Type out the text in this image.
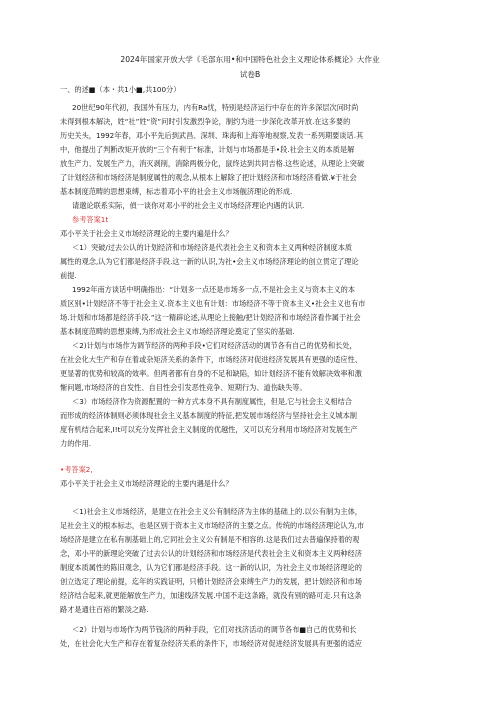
2024年国家开放大学《毛部东用•和中国特色社会主义理论体系概论》大作业
试卷B
一、的述■（本・共1小■,共100分）
20世纪90年代初，我国外有压力，内有Ra忧，特别是经济运行中存在的许多深层次问时尚
未得到根本解决，姓“社”姓“资”问时引发激烈争论，制约为进一步深化改革开放.在这多要的
历史关头，1992年春，邓小平先后到武昌、深圳、珠海和上海等地视察,发表一系列期要谈话.其
中，他提出了判断改矩开放的“三个有利于”标准，计划与市场都是手•段.社会主义的本质是解
放生产力、发展生产力，消灭剥削，消除两极分化，鼠终达到共同吉格.这些论述，从理论上突破
了计划经济和市场经济是制度属性的观念,从根本上解除了把计划经济和市场经济看做.¥于社会
基本制度范畴的思想束缚，标志着邓小平的社会主义市场舰济理论的形成.
请邈论联系实际，偵一谈你对邓小平的社会主义市场经济理论内遇的认识.
参考答案1t
邓小平关于社会主义市场经济理论的主要内遍是什么？
＜1）突破/过去公认的计划经济和市场经济是代表社会主义和资本主义两种经济制度本质
属性的观念,认为它们都是经济手段.这一新的认识,为社•会主义市场经济理论的创立贯定了理论
前提.
1992年南方谈话中明确指出：“计划多一点还是市场多一点,不是社会主义与资本主义的本
质区别•计划经济不等于社会主义.资本主义也有计划：市场经济不等于资本主义•社会主义也有市
场.计划和市场都是经济手段.”这一精辟论述,从理论上接触/把计划经济和市场经济看作属于社会
基本制度范畴的思想束缚,为形成社会主义市场经济理论奠定了坚实的基础.
＜2)计划与市场作为调节经济的两种手段•它们对经济活动的调节各有自己的优势和长处，
在社会化大生产和存在着或杂矩济关系的条件下，市场经济对促进经济发展具有更强的适应性、
更显著的优势和较高的效率。但两者都有自身的不足和缺陷，如计划经济不能有效解决效率和激
惭问题,市场经济的自发性、自目性会引发恶性竞争、短期行为、道伤缺失等。
＜3）市场经济作为资源配置的一种方式本身不具有制度属性，但是,它与社会主义相结合
而形成的经济体制则必须体现社会主义基本制度的特征,把发展市场经济与坚持社会主义城本制
度有机结合起来,Ⅰ!t可以充分发挥社会主义制度的优越性，又可以充分利用市场经济对发展生产
力的作用.
•考答案2,
邓小平关于社会主义市场经济理论的主要内遇是什么？
＜1)社会主义市场经济，是建立在社会主义公有制经济为主体的基础上的.以公有制为主体，
足社会主义的根本标志，也是区别于资本主义市场经济的主要之点。传统的市场经济理论认为,市
场经济是建立在私有制基础上的,它同社会主义公有制是不相容的.这是我们过去普遍保持着的观
念，邓小平的新理论突破了过去公认的计划经济和市场经济是代表社会主义和资本主义两种经济
制度本质属性的陈旧观念，认为它们都是经济手段。这一新的认识，为社会主义市场经济理论的
创立选定了理论前提，迄年的实践证明，只椿计划经济会束缚生产力的发展，把计划经济和市场
经济结合起来,就更能解放生产力，加速线济发展.中国不走这条路，就没有别的路可走.只有这条
路才是通往百裕的繁淡之路.
＜2）计划与市场作为两节钱济的两种手段，它们对找济活动的调节各布■自己的优势和长
处，在社会化大生产和存在着复杂经济关系的条件下，市场经济对促进经济发展具有更强的适应
